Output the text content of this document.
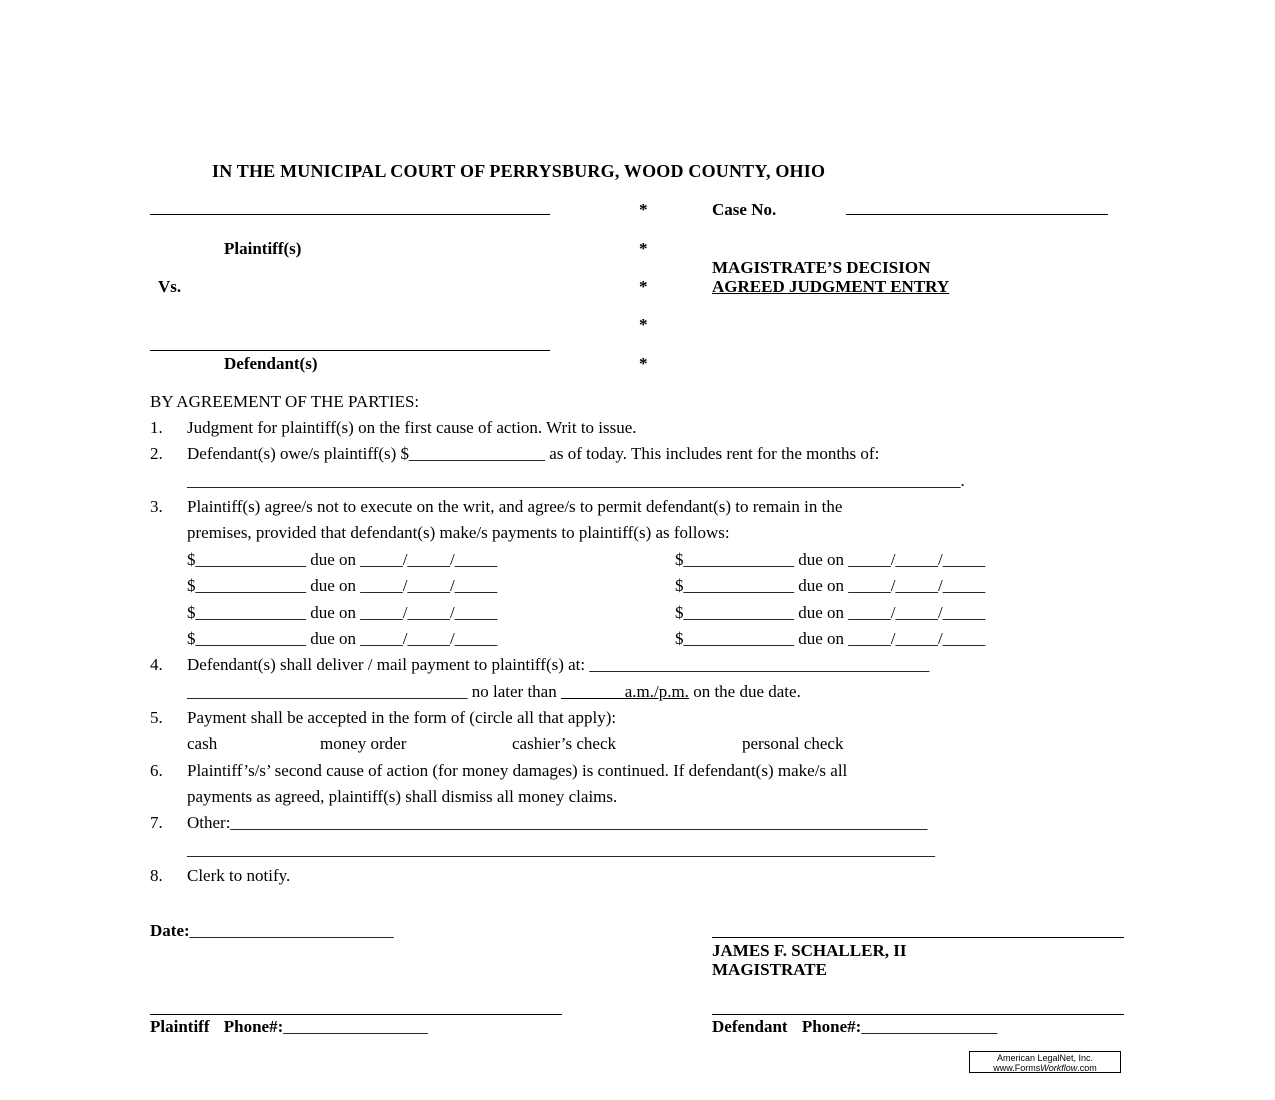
IN THE MUNICIPAL COURT OF PERRYSBURG, WOOD COUNTY, OHIO
Plaintiff(s)
Vs.
Defendant(s)
*
*
*
*
*
Case No.
MAGISTRATE’S DECISION
AGREED JUDGMENT ENTRY
BY AGREEMENT OF THE PARTIES:
1. Judgment for plaintiff(s) on the first cause of action. Writ to issue.
2. Defendant(s) owe/s plaintiff(s) $________________ as of today. This includes rent for the months of:
___________________________________________________________________________________________.
3. Plaintiff(s) agree/s not to execute on the writ, and agree/s to permit defendant(s) to remain in the
premises, provided that defendant(s) make/s payments to plaintiff(s) as follows:
$_____________ due on _____/_____/_____	$_____________ due on _____/_____/_____
$_____________ due on _____/_____/_____	$_____________ due on _____/_____/_____
$_____________ due on _____/_____/_____	$_____________ due on _____/_____/_____
$_____________ due on _____/_____/_____	$_____________ due on _____/_____/_____
4. Defendant(s) shall deliver / mail payment to plaintiff(s) at: ________________________________________
_________________________________ no later than                a.m./p.m. on the due date.
5. Payment shall be accepted in the form of (circle all that apply):
cash	money order	cashier’s check	personal check
6. Plaintiff’s/s’ second cause of action (for money damages) is continued. If defendant(s) make/s all
payments as agreed, plaintiff(s) shall dismiss all money claims.
7. Other:__________________________________________________________________________________
________________________________________________________________________________________
8. Clerk to notify.
Date:________________________
JAMES F. SCHALLER, II
MAGISTRATE
Plaintiff Phone#:_________________	Defendant Phone#:________________
American LegalNet, Inc.
www.FormsWorkflow.com
